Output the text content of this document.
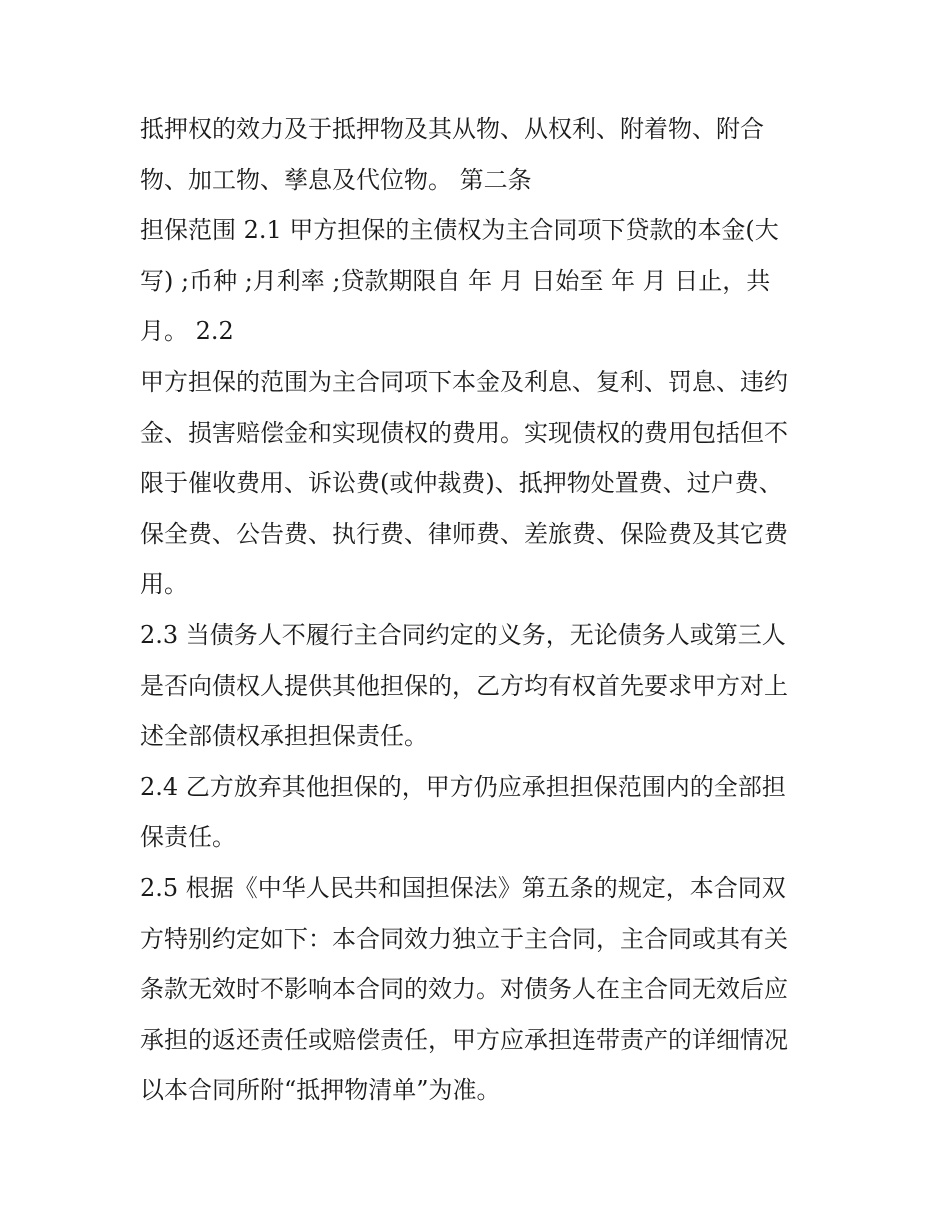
抵押权的效力及于抵押物及其从物、从权利、附着物、附合
物、加工物、孳息及代位物。 第二条
担保范围 2.1 甲方担保的主债权为主合同项下贷款的本金(大
写) ;币种 ;月利率 ;贷款期限自 年 月 日始至 年 月 日止，共
月。 2.2
甲方担保的范围为主合同项下本金及利息、复利、罚息、违约
金、损害赔偿金和实现债权的费用。实现债权的费用包括但不
限于催收费用、诉讼费(或仲裁费)、抵押物处置费、过户费、
保全费、公告费、执行费、律师费、差旅费、保险费及其它费
用。
2.3 当债务人不履行主合同约定的义务，无论债务人或第三人
是否向债权人提供其他担保的，乙方均有权首先要求甲方对上
述全部债权承担担保责任。
2.4 乙方放弃其他担保的，甲方仍应承担担保范围内的全部担
保责任。
2.5 根据《中华人民共和国担保法》第五条的规定，本合同双
方特别约定如下：本合同效力独立于主合同，主合同或其有关
条款无效时不影响本合同的效力。对债务人在主合同无效后应
承担的返还责任或赔偿责任，甲方应承担连带责产的详细情况
以本合同所附“抵押物清单”为准。
